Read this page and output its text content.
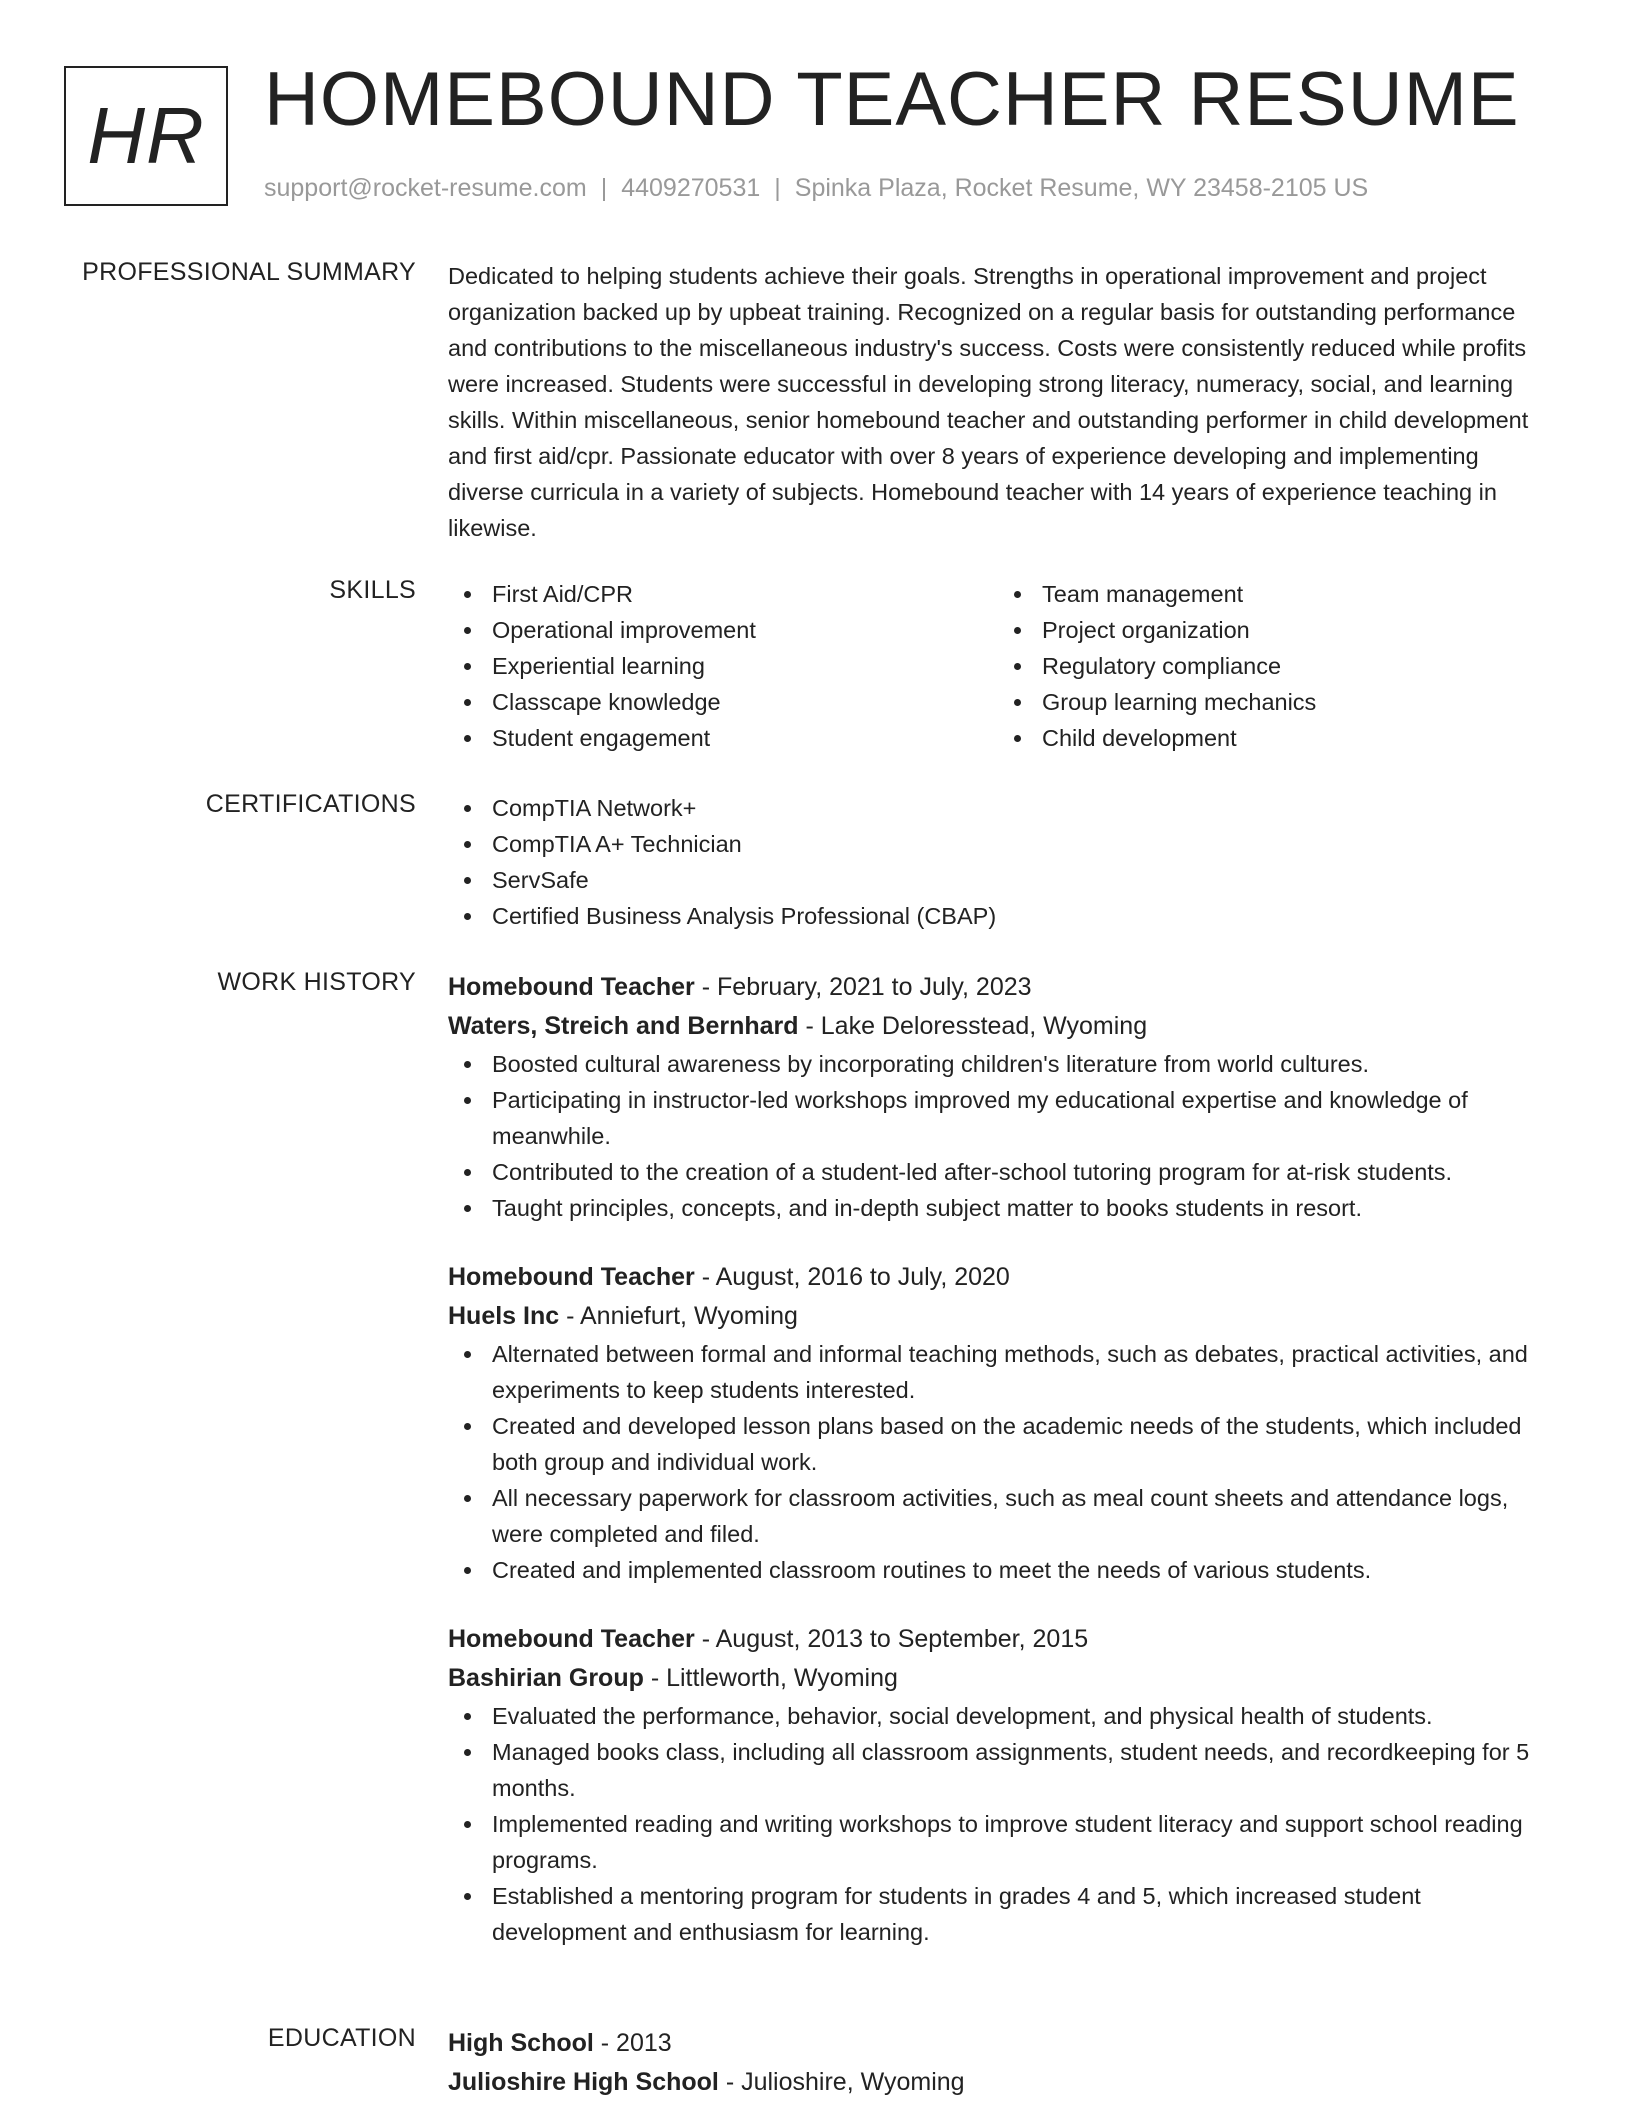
HR HOMEBOUND TEACHER RESUME
support@rocket-resume.com | 4409270531 | Spinka Plaza, Rocket Resume, WY 23458-2105 US
PROFESSIONAL SUMMARY Dedicated to helping students achieve their goals. Strengths in operational improvement and project organization backed up by upbeat training. Recognized on a regular basis for outstanding performance and contributions to the miscellaneous industry's success. Costs were consistently reduced while profits were increased. Students were successful in developing strong literacy, numeracy, social, and learning skills. Within miscellaneous, senior homebound teacher and outstanding performer in child development and first aid/cpr. Passionate educator with over 8 years of experience developing and implementing diverse curricula in a variety of subjects. Homebound teacher with 14 years of experience teaching in likewise.

SKILLS	First Aid/CPR
Operational improvement
Experiential learning
Classcape knowledge
Student engagement
Team management
Project organization
Regulatory compliance
Group learning mechanics
Child development
CERTIFICATIONS	CompTIA Network+
CompTIA A+ Technician
ServSafe
Certified Business Analysis Professional (CBAP)
WORK HISTORY Homebound Teacher - February, 2021 to July, 2023
Waters, Streich and Bernhard - Lake Deloresstead, Wyoming
Boosted cultural awareness by incorporating children's literature from world cultures.
Participating in instructor-led workshops improved my educational expertise and knowledge of meanwhile.
Contributed to the creation of a student-led after-school tutoring program for at-risk students.
Taught principles, concepts, and in-depth subject matter to books students in resort.
Homebound Teacher - August, 2016 to July, 2020
Huels Inc - Anniefurt, Wyoming
Alternated between formal and informal teaching methods, such as debates, practical activities, and experiments to keep students interested.
Created and developed lesson plans based on the academic needs of the students, which included both group and individual work.
All necessary paperwork for classroom activities, such as meal count sheets and attendance logs, were completed and filed.
Created and implemented classroom routines to meet the needs of various students.
Homebound Teacher - August, 2013 to September, 2015
Bashirian Group - Littleworth, Wyoming
Evaluated the performance, behavior, social development, and physical health of students.
Managed books class, including all classroom assignments, student needs, and recordkeeping for 5 months.
Implemented reading and writing workshops to improve student literacy and support school reading programs.
Established a mentoring program for students in grades 4 and 5, which increased student development and enthusiasm for learning.
EDUCATION High School - 2013
Julioshire High School - Julioshire, Wyoming
